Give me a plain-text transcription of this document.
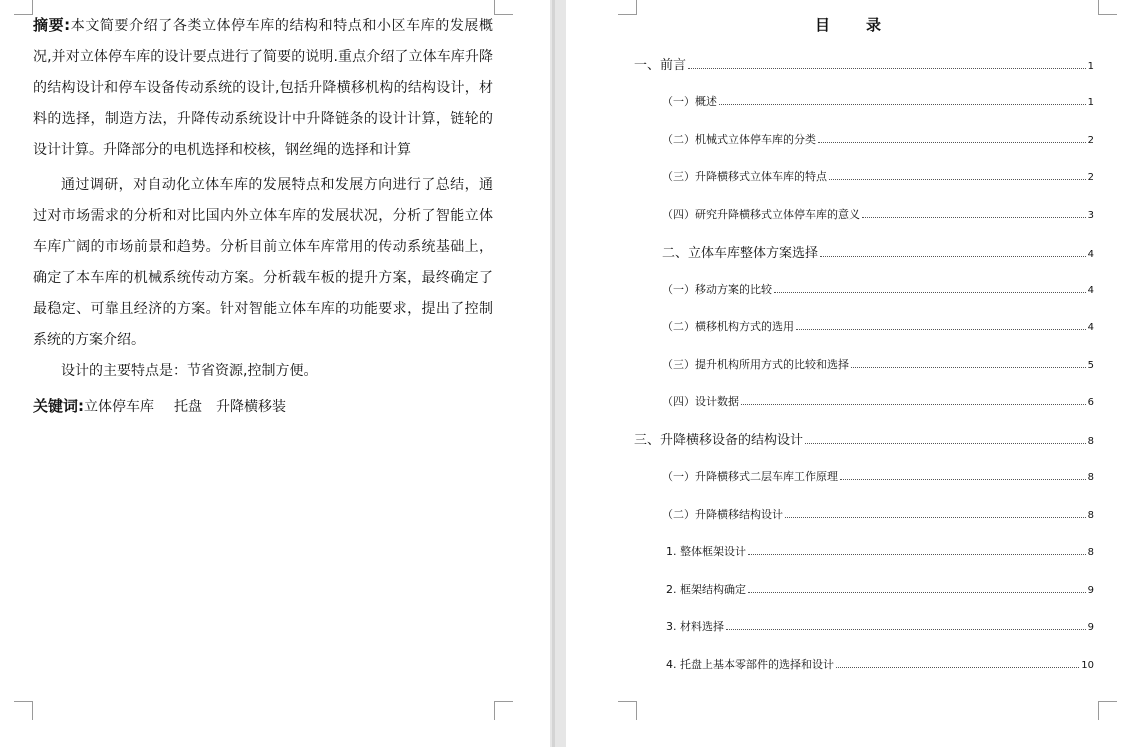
摘要:本文简要介绍了各类立体停车库的结构和特点和小区车库的发展概况,并对立体停车库的设计要点进行了简要的说明.重点介绍了立体车库升降的结构设计和停车设备传动系统的设计,包括升降横移机构的结构设计，材料的选择，制造方法，升降传动系统设计中升降链条的设计计算，链轮的设计计算。升降部分的电机选择和校核，钢丝绳的选择和计算

通过调研，对自动化立体车库的发展特点和发展方向进行了总结，通过对市场需求的分析和对比国内外立体车库的发展状况，分析了智能立体车库广阔的市场前景和趋势。分析目前立体车库常用的传动系统基础上，确定了本车库的机械系统传动方案。分析载车板的提升方案，最终确定了最稳定、可靠且经济的方案。针对智能立体车库的功能要求，提出了控制系统的方案介绍。

设计的主要特点是：节省资源,控制方便。

关键词:立体停车库 托盘 升降横移装

目录
一、前言	1
（一）概述	1
（二）机械式立体停车库的分类	2
（三）升降横移式立体车库的特点	2
（四）研究升降横移式立体停车库的意义	3
二、立体车库整体方案选择	4
（一）移动方案的比较	4
（二）横移机构方式的选用	4
（三）提升机构所用方式的比较和选择	5
（四）设计数据	6
三、升降横移设备的结构设计	8
（一）升降横移式二层车库工作原理	8
（二）升降横移结构设计	8
1. 整体框架设计	8
2. 框架结构确定	9
3. 材料选择	9
4. 托盘上基本零部件的选择和设计	10
